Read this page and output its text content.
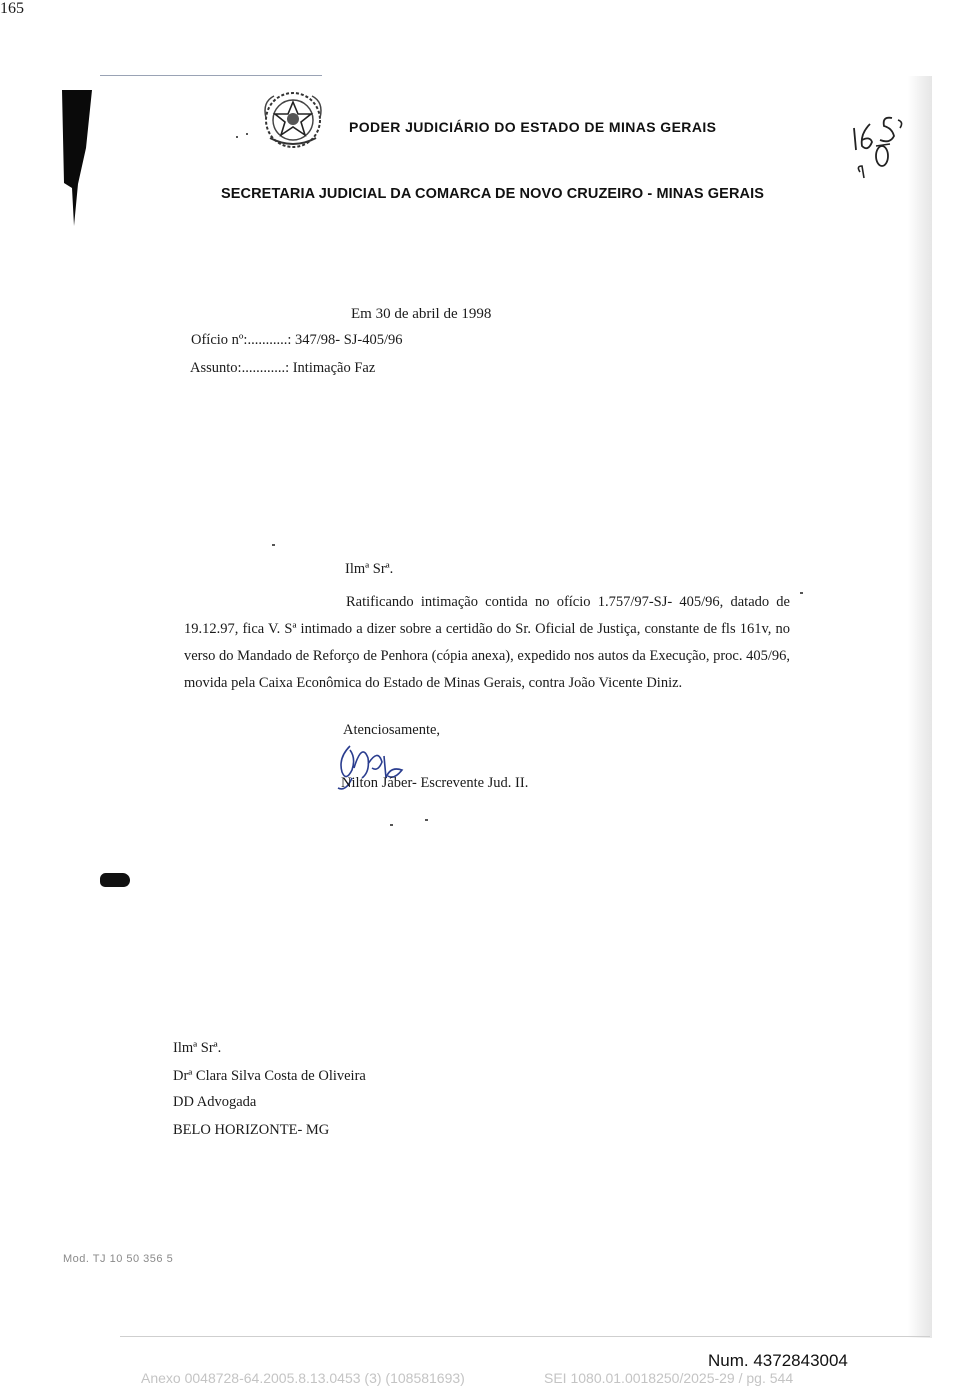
PODER JUDICIÁRIO DO ESTADO DE MINAS GERAIS
SECRETARIA JUDICIAL DA COMARCA DE NOVO CRUZEIRO - MINAS GERAIS
165
Em 30 de abril de 1998
Ofício nº:...........: 347/98- SJ-405/96
Assunto:............: Intimação Faz
Ilmª Srª.
Ratificando intimação contida no ofício 1.757/97-SJ- 405/96, datado de 19.12.97, fica V. Sª intimado a dizer sobre a certidão do Sr. Oficial de Justiça, constante de fls 161v, no verso do Mandado de Reforço de Penhora (cópia anexa), expedido nos autos da Execução, proc. 405/96, movida pela Caixa Econômica do Estado de Minas Gerais, contra João Vicente Diniz.
Atenciosamente,
Nilton Jáber- Escrevente Jud. II.
Ilmª Srª.
Drª Clara Silva Costa de Oliveira
DD Advogada
BELO HORIZONTE- MG
Mod. TJ 10 50 356 5
Num. 4372843004
Anexo 0048728-64.2005.8.13.0453 (3) (108581693)	SEI 1080.01.0018250/2025-29 / pg. 544
